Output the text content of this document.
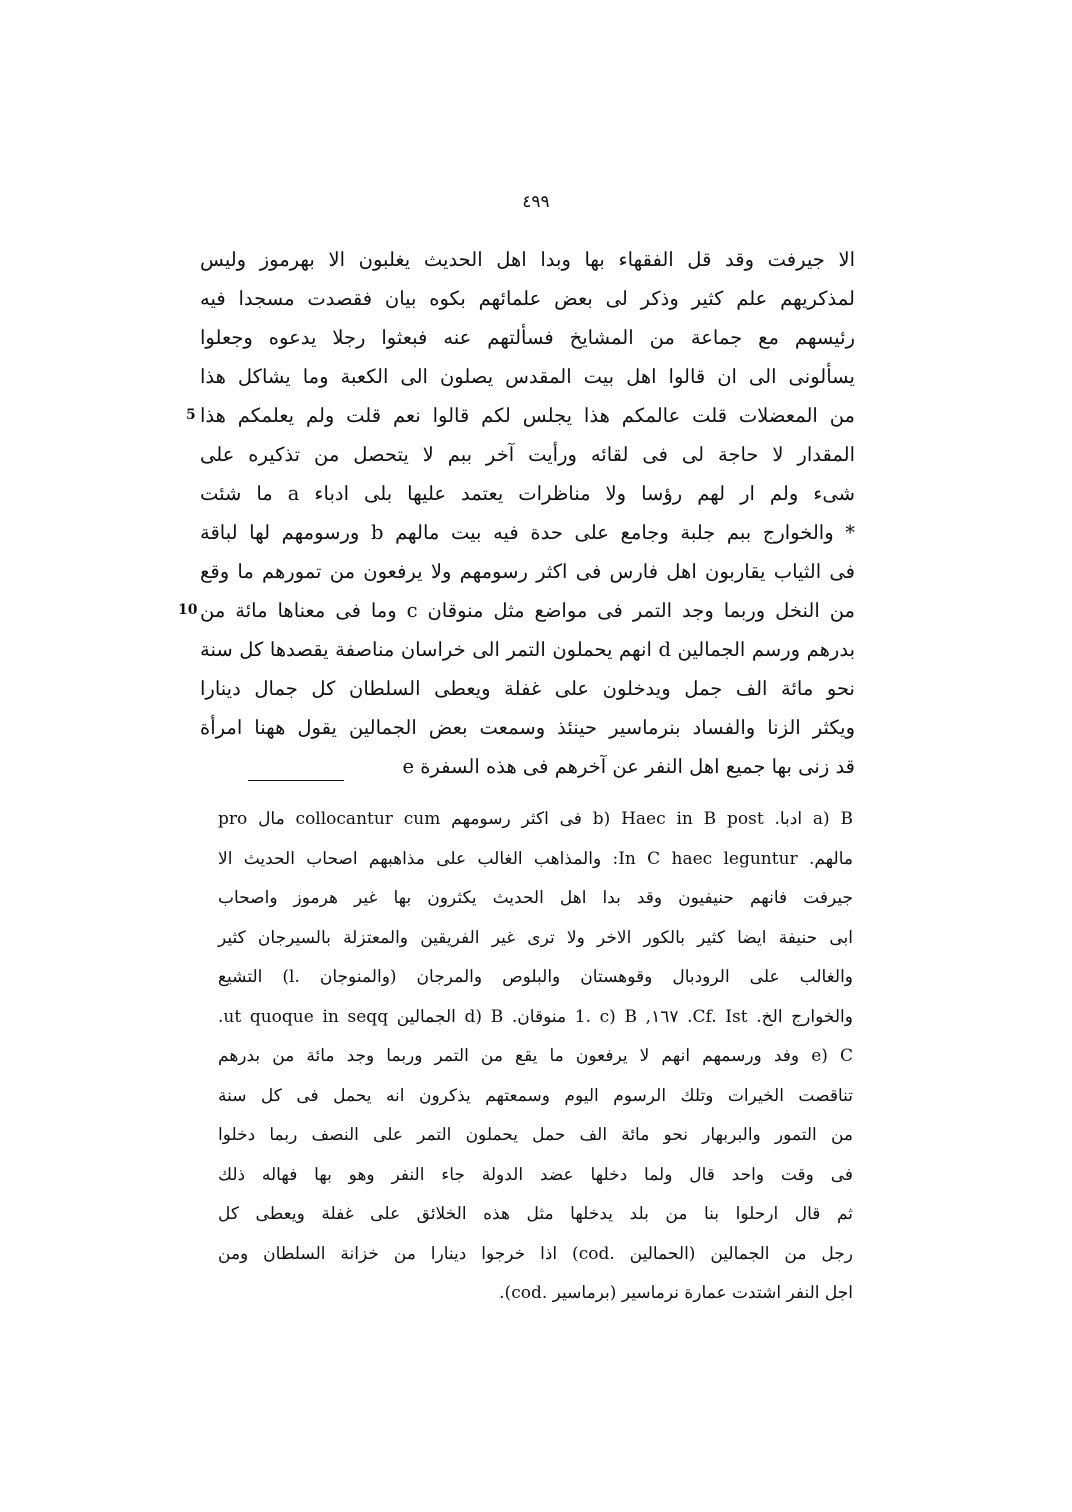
٤٩٩
الا جيرفت وقد قل الفقهاء بها وبدا اهل الحديث يغلبون الا بهرموز وليس
لمذكريهم علم كثير وذكر لى بعض علمائهم بكوه بيان فقصدت مسجدا فيه
رئيسهم مع جماعة من المشايخ فسألتهم عنه فبعثوا رجلا يدعوه وجعلوا
يسألونى الى ان قالوا اهل بيت المقدس يصلون الى الكعبة وما يشاكل هذا
من المعضلات قلت عالمكم هذا يجلس لكم قالوا نعم قلت ولم يعلمكم هذا
5
المقدار لا حاجة لى فى لقائه ورأيت آخر ببم لا يتحصل من تذكيره على
شىء ولم ار لهم رؤسا ولا مناظرات يعتمد عليها بلى ادباء a ما شئت
* والخوارج ببم جلبة وجامع على حدة فيه بيت مالهم b ورسومهم لها لباقة
فى الثياب يقاربون اهل فارس فى اكثر رسومهم ولا يرفعون من تمورهم ما وقع
من النخل وربما وجد التمر فى مواضع مثل منوقان c وما فى معناها مائة من
10
بدرهم ورسم الجمالين d انهم يحملون التمر الى خراسان مناصفة يقصدها كل سنة
نحو مائة الف جمل ويدخلون على غفلة ويعطى السلطان كل جمال دينارا
ويكثر الزنا والفساد بنرماسير حينئذ وسمعت بعض الجمالين يقول ههنا امرأة
قد زنى بها جميع اهل النفر عن آخرهم فى هذه السفرة e
a) B ادبا. b) Haec in B post فى اكثر رسومهم collocantur cum مال pro
مالهم. In C haec leguntur: والمذاهب الغالب على مذاهبهم اصحاب الحديث الا
جيرفت فانهم حنيفيون وقد بدا اهل الحديث يكثرون بها غير هرموز واصحاب
ابى حنيفة ايضا كثير بالكور الاخر ولا ترى غير الفريقين والمعتزلة بالسيرجان كثير
والغالب على الرودبال وقوهستان والبلوص والمرجان (والمنوجان .l) التشيع
والخوارج الخ. Cf. Ist. ١٦٧, 1. c) B منوقان. d) B الجمالين ut quoque in seqq.
e) C وفد ورسمهم انهم لا يرفعون ما يقع من التمر وربما وجد مائة من بدرهم
تناقصت الخيرات وتلك الرسوم اليوم وسمعتهم يذكرون انه يحمل فى كل سنة
من التمور والبربهار نحو مائة الف حمل يحملون التمر على النصف ربما دخلوا
فى وقت واحد قال ولما دخلها عضد الدولة جاء النفر وهو بها فهاله ذلك
ثم قال ارحلوا بنا من بلد يدخلها مثل هذه الخلائق على غفلة ويعطى كل
رجل من الجمالين (الحمالين .cod) اذا خرجوا دينارا من خزانة السلطان ومن
اجل النفر اشتدت عمارة نرماسير (برماسير .cod).
